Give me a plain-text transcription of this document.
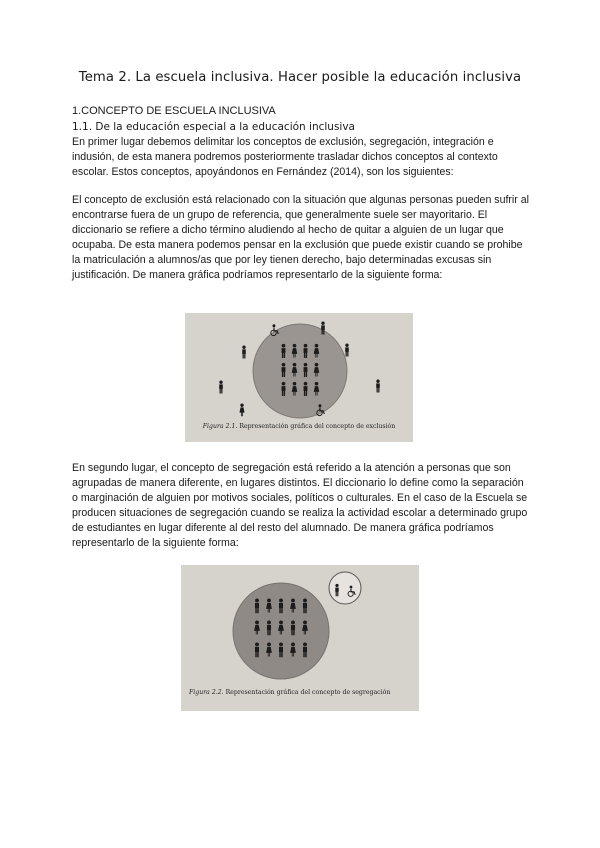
Tema 2. La escuela inclusiva. Hacer posible la educación inclusiva
1.CONCEPTO DE ESCUELA INCLUSIVA
1.1. De la educación especial a la educación inclusiva
En primer lugar debemos delimitar los conceptos de exclusión, segregación, integración e indusión, de esta manera podremos posteriormente trasladar dichos conceptos al contexto escolar. Estos conceptos, apoyándonos en Fernández (2014), son los siguientes:
El concepto de exclusión está relacionado con la situación que algunas personas pueden sufrir al encontrarse fuera de un grupo de referencia, que generalmente suele ser mayoritario. El diccionario se refiere a dicho término aludiendo al hecho de quitar a alguien de un lugar que ocupaba. De esta manera podemos pensar en la exclusión que puede existir cuando se prohibe la matriculación a alumnos/as que por ley tienen derecho, bajo determinadas excusas sin justificación. De manera gráfica podríamos representarlo de la siguiente forma:
Figura 2.1. Representación gráfica del concepto de exclusión
En segundo lugar, el concepto de segregación está referido a la atención a personas que son agrupadas de manera diferente, en lugares distintos. El diccionario lo define como la separación o marginación de alguien por motivos sociales, políticos o culturales. En el caso de la Escuela se producen situaciones de segregación cuando se realiza la actividad escolar a determinado grupo de estudiantes en lugar diferente al del resto del alumnado. De manera gráfica podríamos representarlo de la siguiente forma:
Figura 2.2. Representación gráfica del concepto de segregación
